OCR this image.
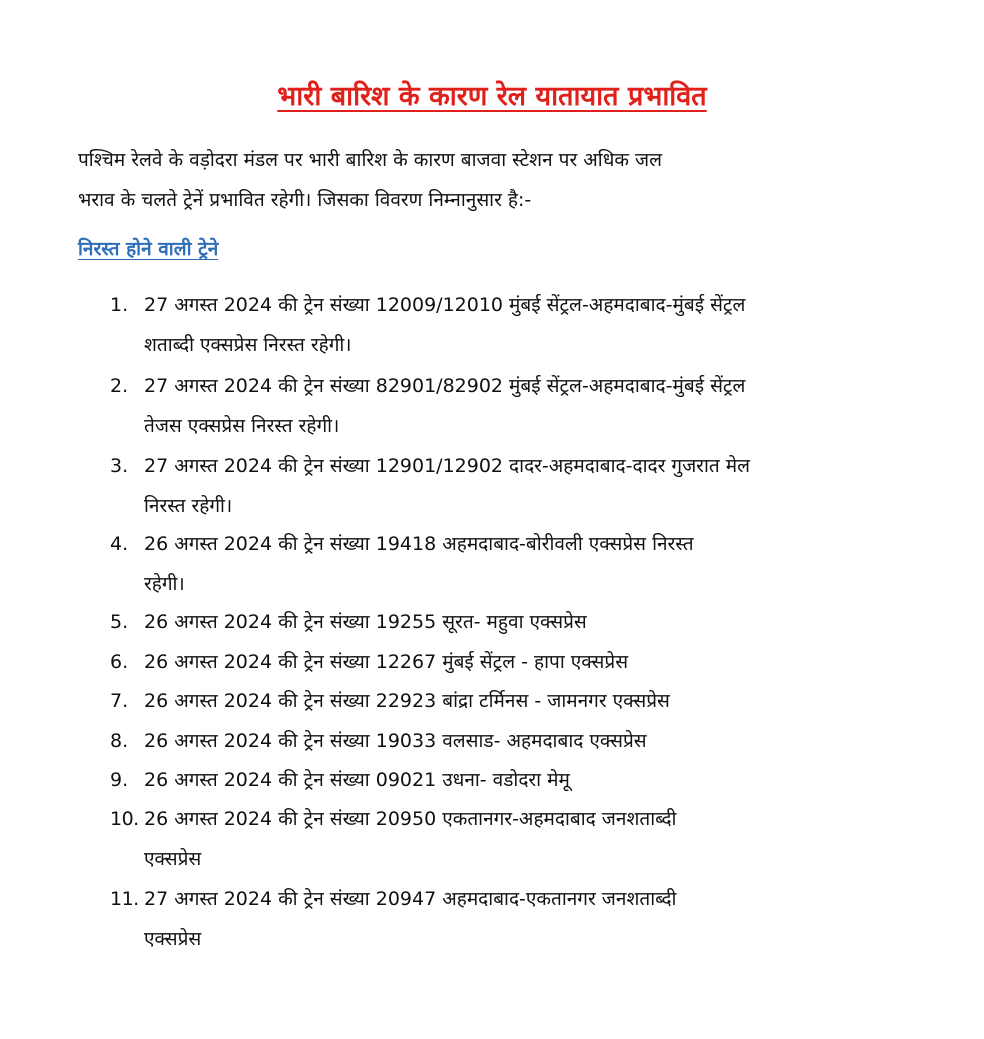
भारी बारिश के कारण रेल यातायात प्रभावित
पश्चिम रेलवे के वड़ोदरा मंडल पर भारी बारिश के कारण बाजवा स्टेशन पर अधिक जल
भराव के चलते ट्रेनें प्रभावित रहेगी। जिसका विवरण निम्नानुसार है:-
निरस्त होने वाली ट्रेने
1. 27 अगस्त 2024 की ट्रेन संख्या 12009/12010 मुंबई सेंट्रल-अहमदाबाद-मुंबई सेंट्रल
शताब्दी एक्सप्रेस निरस्त रहेगी।
2. 27 अगस्त 2024 की ट्रेन संख्या 82901/82902 मुंबई सेंट्रल-अहमदाबाद-मुंबई सेंट्रल
तेजस एक्सप्रेस निरस्त रहेगी।
3. 27 अगस्त 2024 की ट्रेन संख्या 12901/12902 दादर-अहमदाबाद-दादर गुजरात मेल
निरस्त रहेगी।
4. 26 अगस्त 2024 की ट्रेन संख्या 19418 अहमदाबाद-बोरीवली एक्सप्रेस निरस्त
रहेगी।
5. 26 अगस्त 2024 की ट्रेन संख्या 19255 सूरत- महुवा एक्सप्रेस
6. 26 अगस्त 2024 की ट्रेन संख्या 12267 मुंबई सेंट्रल - हापा एक्सप्रेस
7. 26 अगस्त 2024 की ट्रेन संख्या 22923 बांद्रा टर्मिनस - जामनगर एक्सप्रेस
8. 26 अगस्त 2024 की ट्रेन संख्या 19033 वलसाड- अहमदाबाद एक्सप्रेस
9. 26 अगस्त 2024 की ट्रेन संख्या 09021 उधना- वडोदरा मेमू
10. 26 अगस्त 2024 की ट्रेन संख्या 20950 एकतानगर-अहमदाबाद जनशताब्दी
एक्सप्रेस
11. 27 अगस्त 2024 की ट्रेन संख्या 20947 अहमदाबाद-एकतानगर जनशताब्दी
एक्सप्रेस
